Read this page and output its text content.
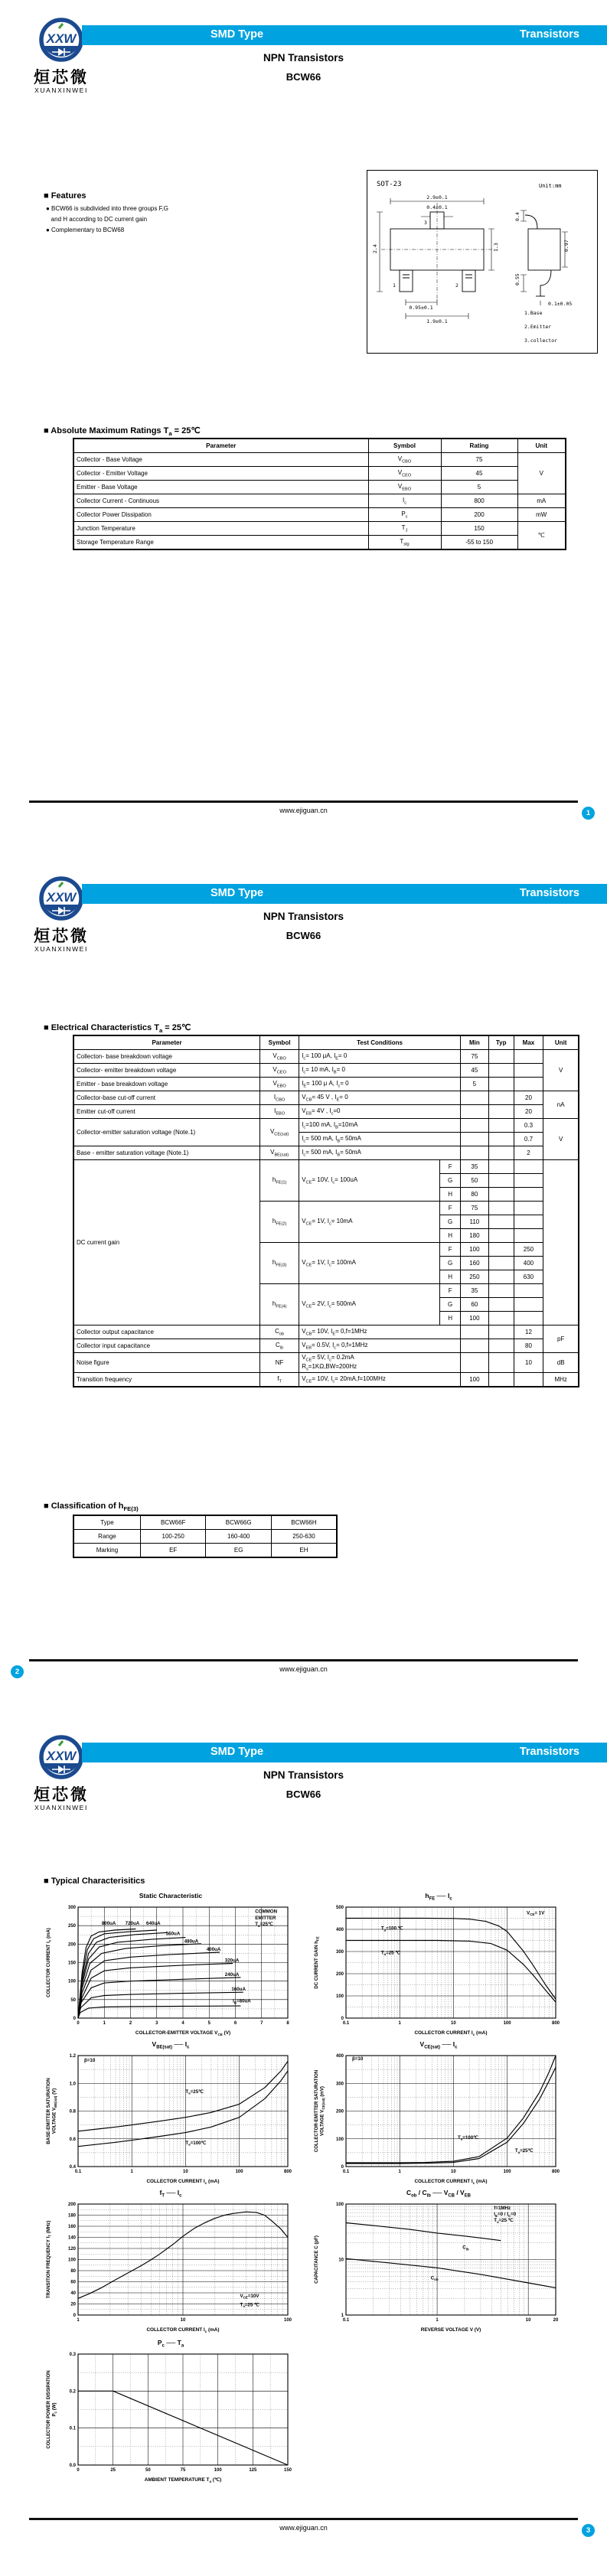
XXW
烜芯微
XUANXINWEI
SMD Type	Transistors
NPN Transistors
BCW66
■ Features
● BCW66 is subdivided into three groups F,G
and H according to DC current gain
● Complementary to BCW68
SOT-23	Unit:mm
2.9±0.1
0.4±0.1
3
1	2
2.4	1.3
0.95±0.1
1.9±0.1
0.4
0.55
0.97
0.1±0.05
1.Base
2.Emitter
3.collector
■ Absolute Maximum Ratings $T_a$ = 25℃
Parameter	Symbol	Rating	Unit
Collector - Base Voltage	$V_{CBO}$	75	V
Collector - Emitter Voltage	$V_{CEO}$	45	
Emitter - Base Voltage	$V_{EBO}$	5	
Collector Current - Continuous	$I_c$	800	mA
Collector Power Dissipation	$P_c$	200	mW
Junction Temperature	$T_J$	150	℃
Storage Temperature Range	$T_{stg}$	-55 to 150	
www.ejiguan.cn	1
XXW
烜芯微
XUANXINWEI
SMD Type	Transistors
NPN Transistors
BCW66
■ Electrical Characteristics $T_a$ = 25℃
Parameter	Symbol	Test Conditions		Min	Typ	Max	Unit
Collecton- base breakdown voltage	$V_{CBO}$	$I_c= 100$ μA, $I_E= 0$		75			V
Collector- emitter breakdown voltage	$V_{CEO}$	$I_c= 10$ mA, $I_B= 0$		45			
Emitter - base breakdown voltage	$V_{EBO}$	$I_E= 100$ μ A, $I_c= 0$		5			
Collector-base cut-off current	$I_{CBO}$	$V_{CB}= 45$ V , $I_E= 0$				20	nA
Emitter cut-off current	$I_{EBO}$	$V_{EB}= 4V$ , $I_c=0$				20	
Collector-emitter saturation voltage (Note.1)	$V_{CE(sat)}$	$I_c=100$ mA, $I_B=10mA$				0.3	V
		$I_c= 500$ mA, $I_B= 50mA$				0.7	
Base - emitter saturation voltage (Note.1)	$V_{BE(sat)}$	$I_c= 500$ mA, $I_B= 50mA$				2	
DC current gain	$h_{FE(1)}$	$V_{CE}= 10V$, $I_c= 100uA$	F	35			
			G	50			
			H	80			
	$h_{FE(2)}$	$V_{CE}= 1V$, $I_c= 10mA$	F	75			
			G	110			
			H	180			
	$h_{FE(3)}$	$V_{CE}= 1V$, $I_c= 100mA$	F	100		250	
			G	160		400	
			H	250		630	
	$h_{FE(4)}$	$V_{CE}= 2V$, $I_c= 500mA$	F	35			
			G	60			
			H	100			
Collector output capacitance	$C_{ob}$	$V_{CB}= 10V$, $I_E= 0,f=1MHz$				12	pF
Collector input capacitance	$C_{ib}$	$V_{EB}= 0.5V$, $I_c= 0,f=1MHz$				80	
Noise figure	NF	$V_{CE}= 5V$, $I_c= 0.2mA$
$R_s=1K\Omega,BW=200Hz$				10	dB
Transition frequency	$f_T$	$V_{CE}= 10V$, $I_c= 20mA,f=100MHz$		100			MHz
■ Classification of $h_{FE(3)}$
Type	BCW66F	BCW66G	BCW66H
Range	100-250	160-400	250-630
Marking	EF	EG	EH
www.ejiguan.cn
2
XXW
烜芯微
XUANXINWEI
SMD Type	Transistors
NPN Transistors
BCW66
■ Typical Characterisitics
Static Characteristic
0	1	2	3	4	5	6	7	8
0
50
100
150
200
250
300
800uA 720uA 640uA
560uA
480uA
400uA
320uA
240uA
160uA
$I_B=80uA$
COMMON
EMITTER
$T_a=25℃$
COLLECTOR-EMITTER VOLTAGE $V_{CE}$ (V)
COLLECTOR CURRENT $I_c$ (mA)
$h_{FE}$ ── $I_c$
0.1	1	10	100	800
0
100
200
300
400
500
$T_a=100$ ℃
$T_a=25$ ℃
$V_{CE}= 1V$
COLLECTOR CURRENT $I_c$ (mA)
DC CURRENT GAIN $h_{FE}$
$V_{BE(sat)}$ ── $I_c$
0.1	1	10	100	800
0.4
0.6
0.8
1.0
1.2
β=10
$T_a=25℃$
$T_a=100℃$
COLLECTOR CURRENT $I_c$ (mA)
BASE-EMITTER SATURATION VOLTAGE $V_{BE(sat)}$ (V)
$V_{CE(sat)}$ ── $I_c$
0.1	1	10	100	800
0
100
200
300
400
β=10
$T_a=100℃$
$T_a=25℃$
COLLECTOR CURRENT $I_c$ (mA)
COLLECTOR-EMITTER SATURATION VOLTAGE $V_{CE(sat)}$ (mV)
$C_{ob} / C_{ib}$ ── $V_{CB} / V_{EB}$
0.1	1	10	20
1
10
100
f=1MHz
$I_E=0 / I_C=0$
$T_a=25$ ℃
$C_{ib}$
$C_{ob}$
REVERSE VOLTAGE V (V)
CAPACITANCE C (pF)
$f_T$ ── $I_c$
1	10	100
0
20
40
60
80
100
120
140
160
180
200
$V_{CE}=10V$
$T_a=25$ ℃
COLLECTOR CURRENT $I_c$ (mA)
TRANSITION FREQUENCY $f_T$ (MHz)
$P_c$ ── $T_a$
0	25	50	75	100	125	150
0.0
0.1
0.2
0.3
AMBIENT TEMPERATURE $T_a$ (℃)
COLLECTOR POWER DISSIPATION $P_c$ (W)
www.ejiguan.cn	3
